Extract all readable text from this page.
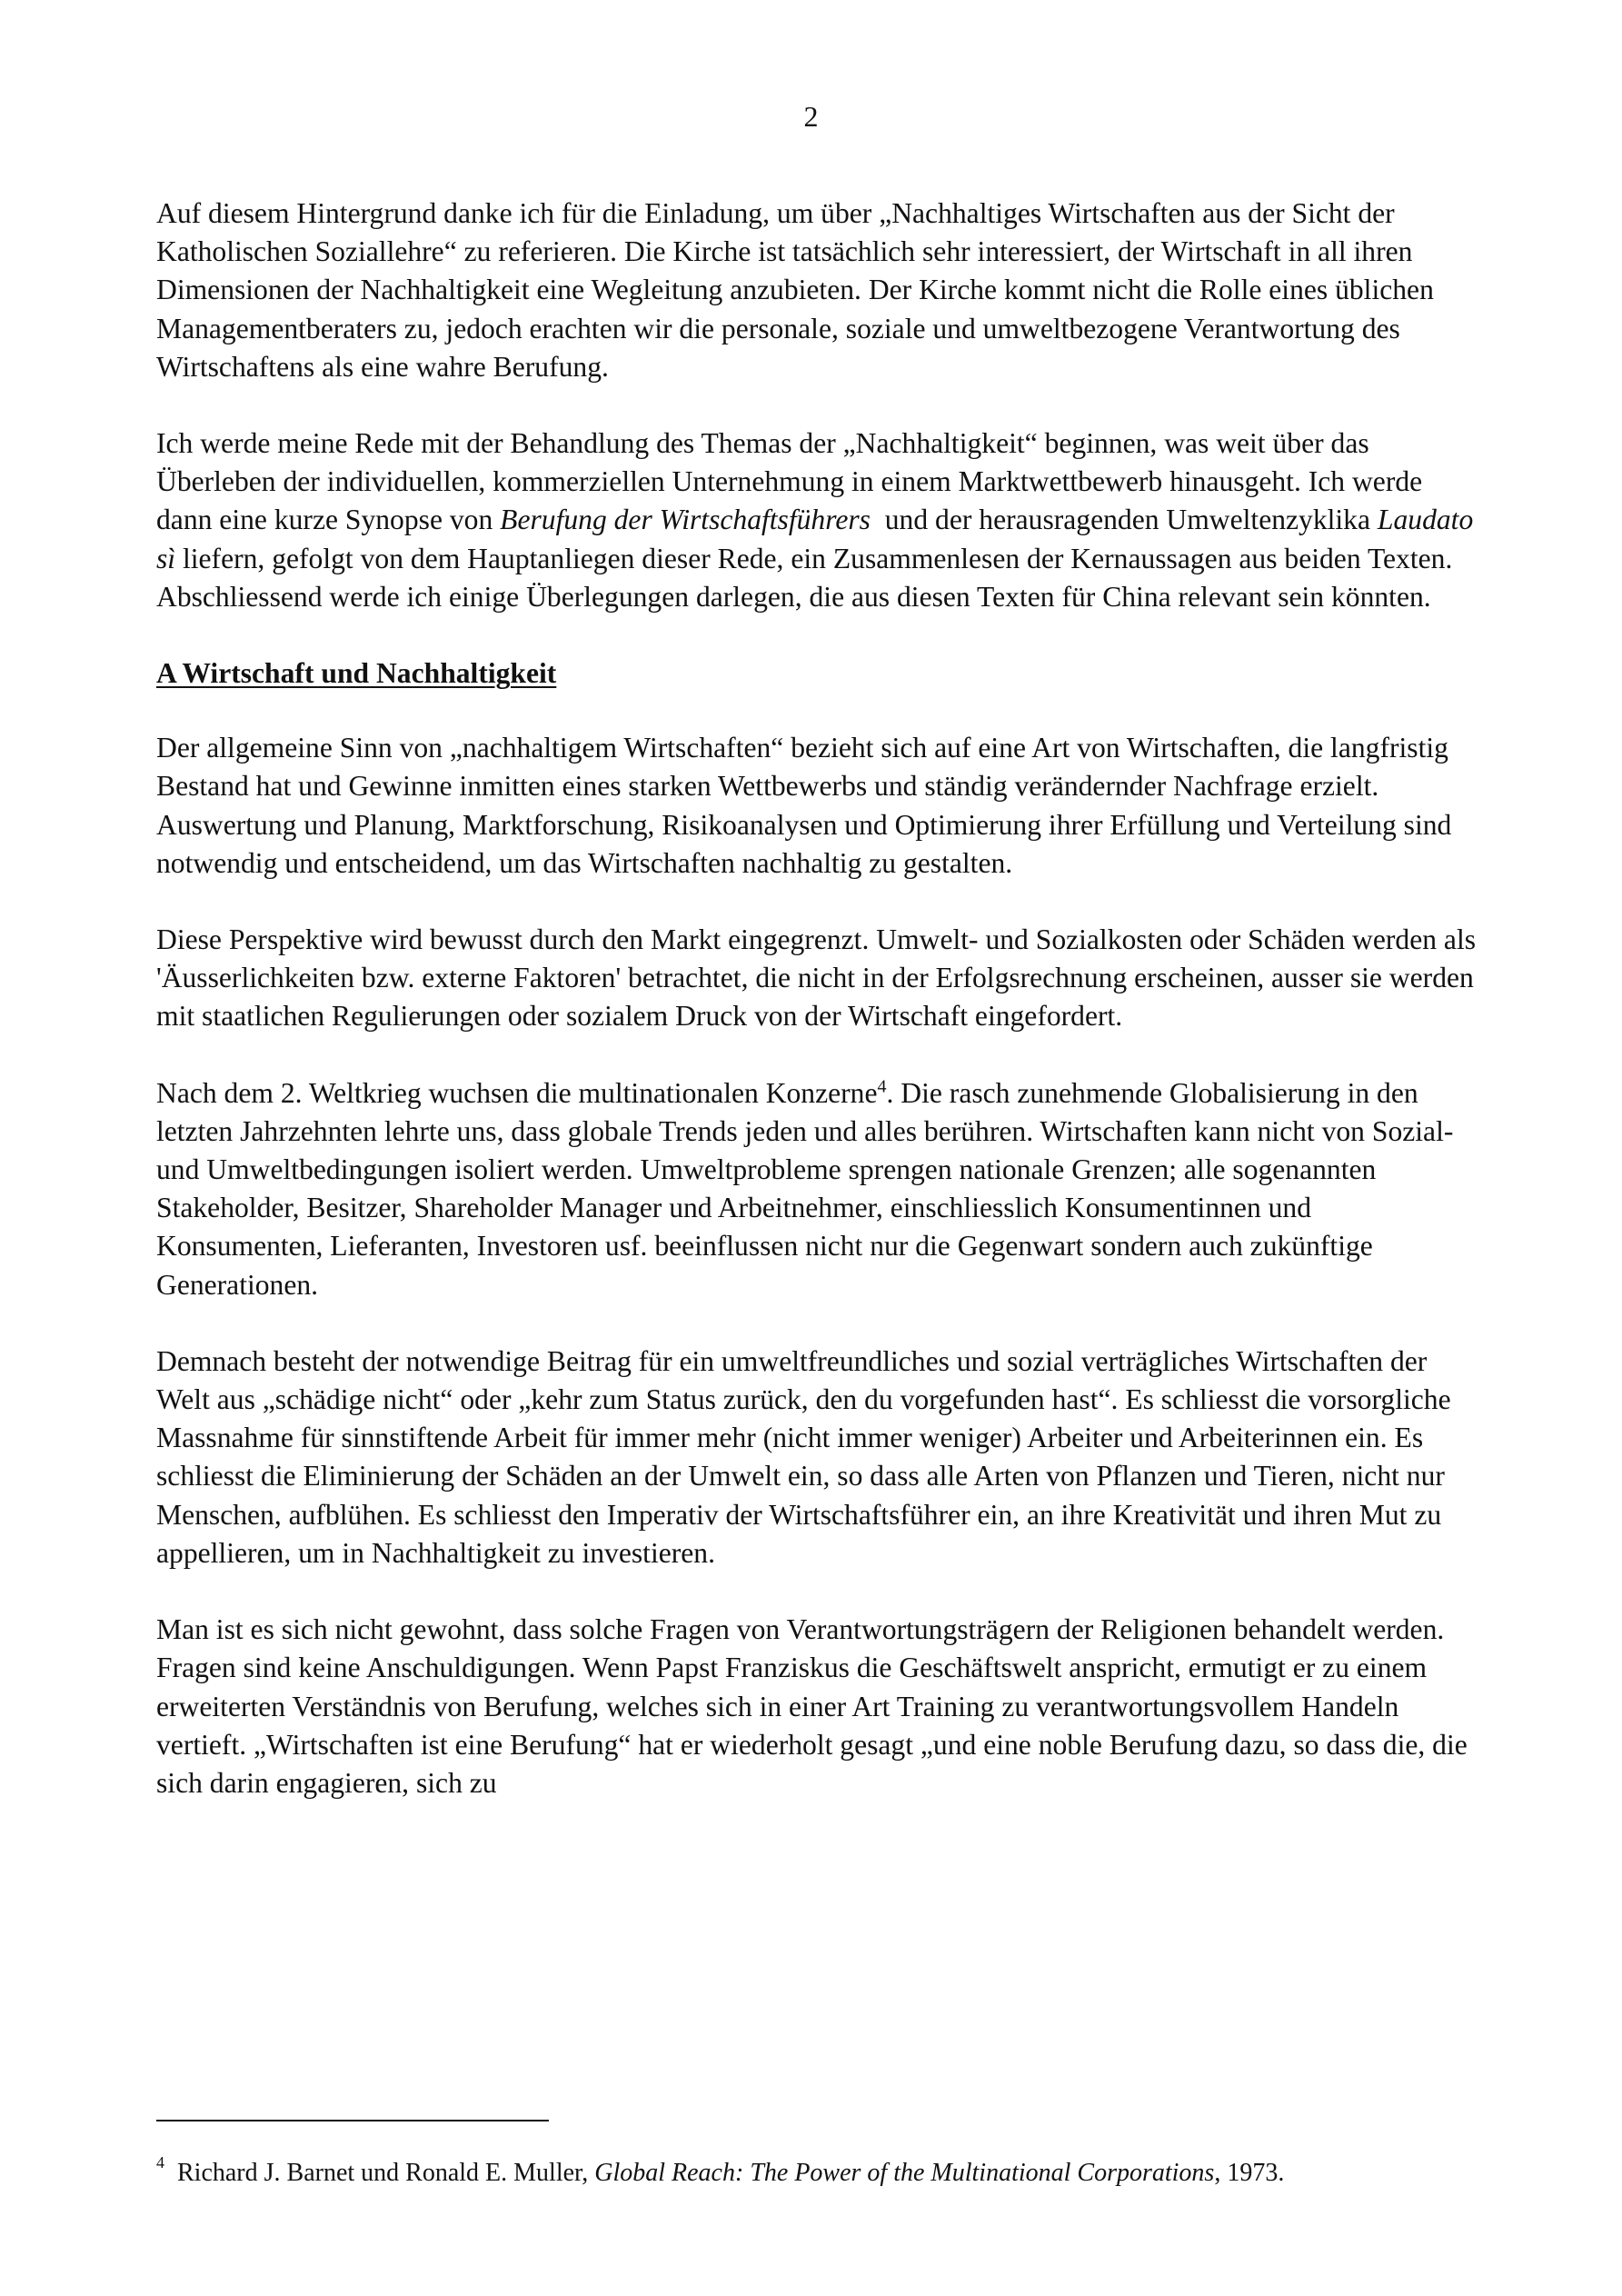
2

Auf diesem Hintergrund danke ich für die Einladung, um über „Nachhaltiges Wirtschaften aus der Sicht der Katholischen Soziallehre“ zu referieren. Die Kirche ist tatsächlich sehr interessiert, der Wirtschaft in all ihren Dimensionen der Nachhaltigkeit eine Wegleitung anzubieten. Der Kirche kommt nicht die Rolle eines üblichen Managementberaters zu, jedoch erachten wir die personale, soziale und umweltbezogene Verantwortung des Wirtschaftens als eine wahre Berufung.

Ich werde meine Rede mit der Behandlung des Themas der „Nachhaltigkeit“ beginnen, was weit über das Überleben der individuellen, kommerziellen Unternehmung in einem Marktwettbewerb hinausgeht. Ich werde dann eine kurze Synopse von Berufung der Wirtschaftsführers  und der herausragenden Umweltenzyklika Laudato sì liefern, gefolgt von dem Hauptanliegen dieser Rede, ein Zusammenlesen der Kernaussagen aus beiden Texten. Abschliessend werde ich einige Überlegungen darlegen, die aus diesen Texten für China relevant sein könnten.

A Wirtschaft und Nachhaltigkeit

Der allgemeine Sinn von „nachhaltigem Wirtschaften“ bezieht sich auf eine Art von Wirtschaften, die langfristig Bestand hat und Gewinne inmitten eines starken Wettbewerbs und ständig verändernder Nachfrage erzielt. Auswertung und Planung, Marktforschung, Risikoanalysen und Optimierung ihrer Erfüllung und Verteilung sind notwendig und entscheidend, um das Wirtschaften nachhaltig zu gestalten.

Diese Perspektive wird bewusst durch den Markt eingegrenzt. Umwelt- und Sozialkosten oder Schäden werden als 'Äusserlichkeiten bzw. externe Faktoren' betrachtet, die nicht in der Erfolgsrechnung erscheinen, ausser sie werden mit staatlichen Regulierungen oder sozialem Druck von der Wirtschaft eingefordert.

Nach dem 2. Weltkrieg wuchsen die multinationalen Konzerne$^4$. Die rasch zunehmende Globalisierung in den letzten Jahrzehnten lehrte uns, dass globale Trends jeden und alles berühren. Wirtschaften kann nicht von Sozial- und Umweltbedingungen isoliert werden. Umweltprobleme sprengen nationale Grenzen; alle sogenannten Stakeholder, Besitzer, Shareholder Manager und Arbeitnehmer, einschliesslich Konsumentinnen und Konsumenten, Lieferanten, Investoren usf. beeinflussen nicht nur die Gegenwart sondern auch zukünftige Generationen.

Demnach besteht der notwendige Beitrag für ein umweltfreundliches und sozial verträgliches Wirtschaften der Welt aus „schädige nicht“ oder „kehr zum Status zurück, den du vorgefunden hast“. Es schliesst die vorsorgliche Massnahme für sinnstiftende Arbeit für immer mehr (nicht immer weniger) Arbeiter und Arbeiterinnen ein. Es schliesst die Eliminierung der Schäden an der Umwelt ein, so dass alle Arten von Pflanzen und Tieren, nicht nur Menschen, aufblühen. Es schliesst den Imperativ der Wirtschaftsführer ein, an ihre Kreativität und ihren Mut zu appellieren, um in Nachhaltigkeit zu investieren.

Man ist es sich nicht gewohnt, dass solche Fragen von Verantwortungsträgern der Religionen behandelt werden. Fragen sind keine Anschuldigungen. Wenn Papst Franziskus die Geschäftswelt anspricht, ermutigt er zu einem erweiterten Verständnis von Berufung, welches sich in einer Art Training zu verantwortungsvollem Handeln vertieft. „Wirtschaften ist eine Berufung“ hat er wiederholt gesagt „und eine noble Berufung dazu, so dass die, die sich darin engagieren, sich zu

$^4$ Richard J. Barnet und Ronald E. Muller, Global Reach: The Power of the Multinational Corporations, 1973.
